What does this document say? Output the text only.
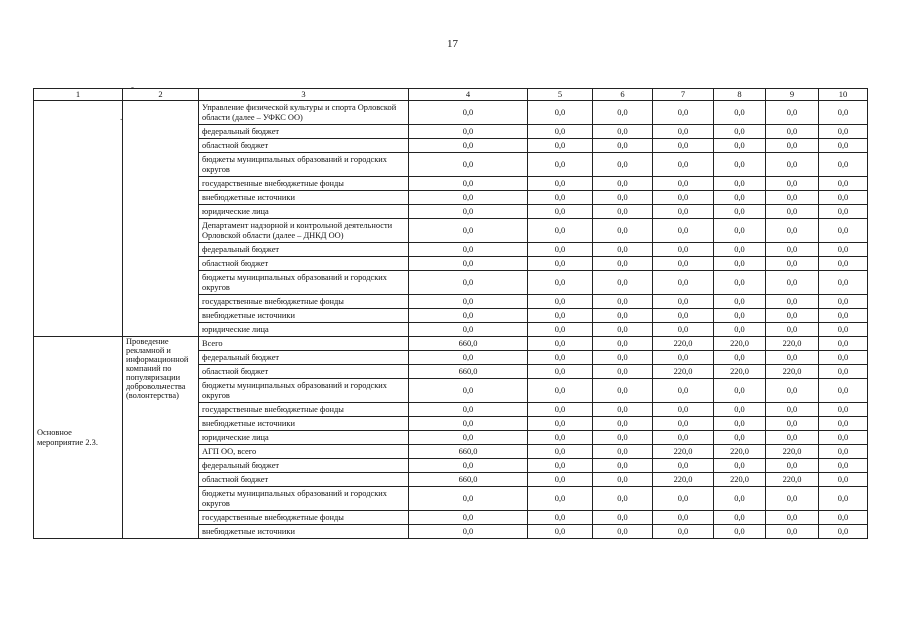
17
-
.
1	2	3	4	5	6	7	8	9	10
		Управление физической культуры и спорта Орловской области (далее – УФКС ОО)	0,0	0,0	0,0	0,0	0,0	0,0	0,0
		федеральный бюджет	0,0	0,0	0,0	0,0	0,0	0,0	0,0
		областной бюджет	0,0	0,0	0,0	0,0	0,0	0,0	0,0
		бюджеты муниципальных образований и городских округов	0,0	0,0	0,0	0,0	0,0	0,0	0,0
		государственные внебюджетные фонды	0,0	0,0	0,0	0,0	0,0	0,0	0,0
		внебюджетные источники	0,0	0,0	0,0	0,0	0,0	0,0	0,0
		юридические лица	0,0	0,0	0,0	0,0	0,0	0,0	0,0
		Департамент надзорной и контрольной деятельности Орловской области (далее – ДНКД ОО)	0,0	0,0	0,0	0,0	0,0	0,0	0,0
		федеральный бюджет	0,0	0,0	0,0	0,0	0,0	0,0	0,0
		областной бюджет	0,0	0,0	0,0	0,0	0,0	0,0	0,0
		бюджеты муниципальных образований и городских округов	0,0	0,0	0,0	0,0	0,0	0,0	0,0
		государственные внебюджетные фонды	0,0	0,0	0,0	0,0	0,0	0,0	0,0
		внебюджетные источники	0,0	0,0	0,0	0,0	0,0	0,0	0,0
		юридические лица	0,0	0,0	0,0	0,0	0,0	0,0	0,0
Основное мероприятие 2.3.	Проведение рекламной и информационной компаний по популяризации добровольчества (волонтерства)	Всего	660,0	0,0	0,0	220,0	220,0	220,0	0,0
		федеральный бюджет	0,0	0,0	0,0	0,0	0,0	0,0	0,0
		областной бюджет	660,0	0,0	0,0	220,0	220,0	220,0	0,0
		бюджеты муниципальных образований и городских округов	0,0	0,0	0,0	0,0	0,0	0,0	0,0
		государственные внебюджетные фонды	0,0	0,0	0,0	0,0	0,0	0,0	0,0
		внебюджетные источники	0,0	0,0	0,0	0,0	0,0	0,0	0,0
		юридические лица	0,0	0,0	0,0	0,0	0,0	0,0	0,0
		АГП ОО, всего	660,0	0,0	0,0	220,0	220,0	220,0	0,0
		федеральный бюджет	0,0	0,0	0,0	0,0	0,0	0,0	0,0
		областной бюджет	660,0	0,0	0,0	220,0	220,0	220,0	0,0
		бюджеты муниципальных образований и городских округов	0,0	0,0	0,0	0,0	0,0	0,0	0,0
		государственные внебюджетные фонды	0,0	0,0	0,0	0,0	0,0	0,0	0,0
		внебюджетные источники	0,0	0,0	0,0	0,0	0,0	0,0	0,0
